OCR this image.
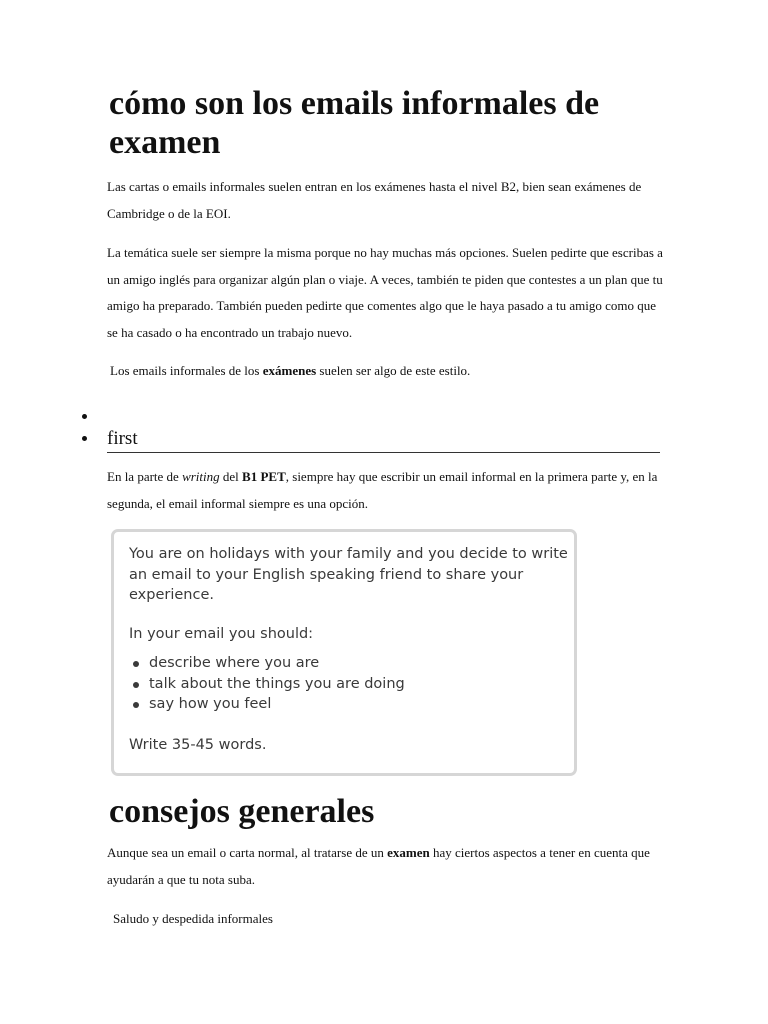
cómo son los emails informales de examen

Las cartas o emails informales suelen entran en los exámenes hasta el nivel B2, bien sean exámenes de Cambridge o de la EOI.

La temática suele ser siempre la misma porque no hay muchas más opciones. Suelen pedirte que escribas a un amigo inglés para organizar algún plan o viaje. A veces, también te piden que contestes a un plan que tu amigo ha preparado. También pueden pedirte que comentes algo que le haya pasado a tu amigo como que se ha casado o ha encontrado un trabajo nuevo.

Los emails informales de los exámenes suelen ser algo de este estilo.

first

En la parte de writing del B1 PET, siempre hay que escribir un email informal en la primera parte y, en la segunda, el email informal siempre es una opción.

You are on holidays with your family and you decide to write an email to your English speaking friend to share your experience.

In your email you should:

describe where you are
talk about the things you are doing
say how you feel

Write 35-45 words.

consejos generales

Aunque sea un email o carta normal, al tratarse de un examen hay ciertos aspectos a tener en cuenta que ayudarán a que tu nota suba.

Saludo y despedida informales
